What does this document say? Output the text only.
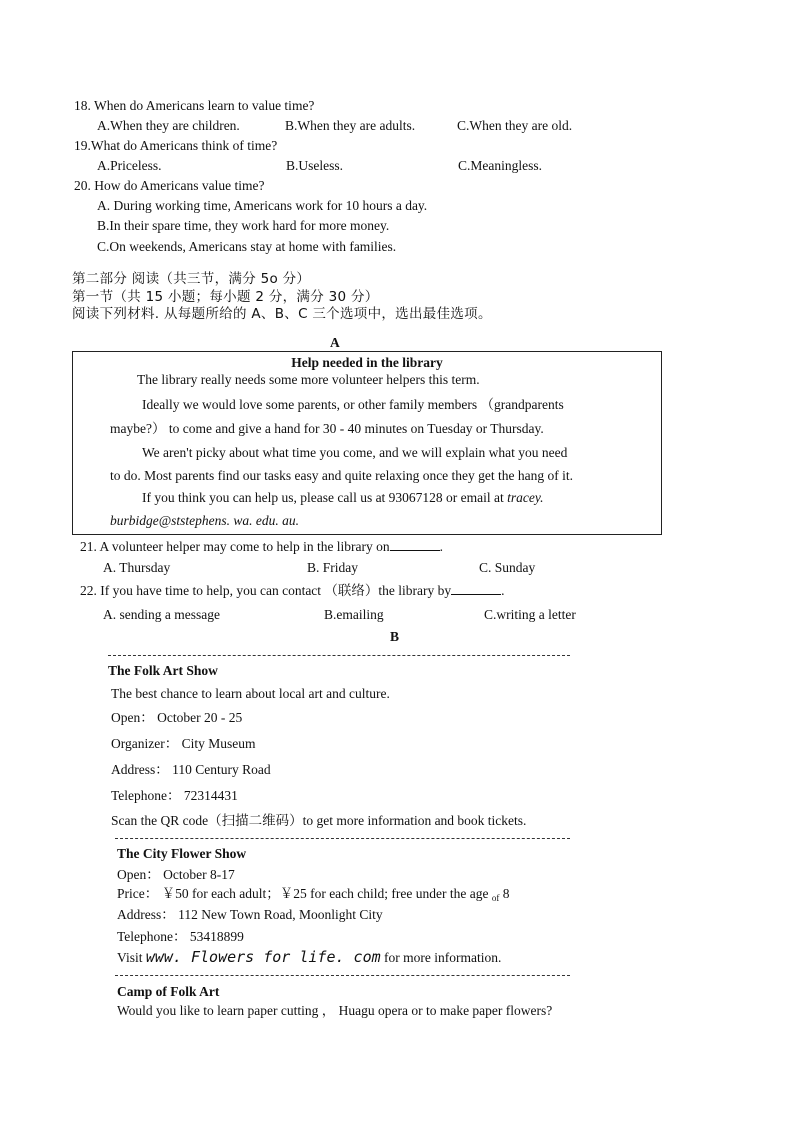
18. When do Americans learn to value time?
A.When they are children.	B.When they are adults.	C.When they are old.
19.What do Americans think of time?
A.Priceless.	B.Useless.	C.Meaningless.
20. How do Americans value time?
A. During working time, Americans work for 10 hours a day.
B.In their spare time, they work hard for more money.
C.On weekends, Americans stay at home with families.
第二部分 阅读（共三节，满分 5o 分）
第一节（共 15 小题；每小题 2 分，满分 30 分）
阅读下列材料. 从每题所给的 A、B、C 三个选项中，选出最佳选项。
A
Help needed in the library
The library really needs some more volunteer helpers this term.
Ideally we would love some parents, or other family members （grandparents
maybe?） to come and give a hand for 30 - 40 minutes on Tuesday or Thursday.
We aren't picky about what time you come, and we will explain what you need
to do. Most parents find our tasks easy and quite relaxing once they get the hang of it.
If you think you can help us, please call us at 93067128 or email at tracey.
burbidge@ststephens. wa. edu. au.
21. A volunteer helper may come to help in the library on	.
A. Thursday	B. Friday	C. Sunday
22. If you have time to help, you can contact （联络）the library by	.
A. sending a message	B.emailing	C.writing a letter
B
The Folk Art Show
The best chance to learn about local art and culture.
Open： October 20 - 25
Organizer： City Museum
Address： 110 Century Road
Telephone： 72314431
Scan the QR code（扫描二维码）to get more information and book tickets.
The City Flower Show
Open： October 8-17
Price： ￥50 for each adult；￥25 for each child; free under the age $_{of}$ 8
Address： 112 New Town Road, Moonlight City
Telephone： 53418899
Visit www. Flowers for life. com for more information.
Camp of Folk Art
Would you like to learn paper cutting ， Huagu opera or to make paper flowers?
